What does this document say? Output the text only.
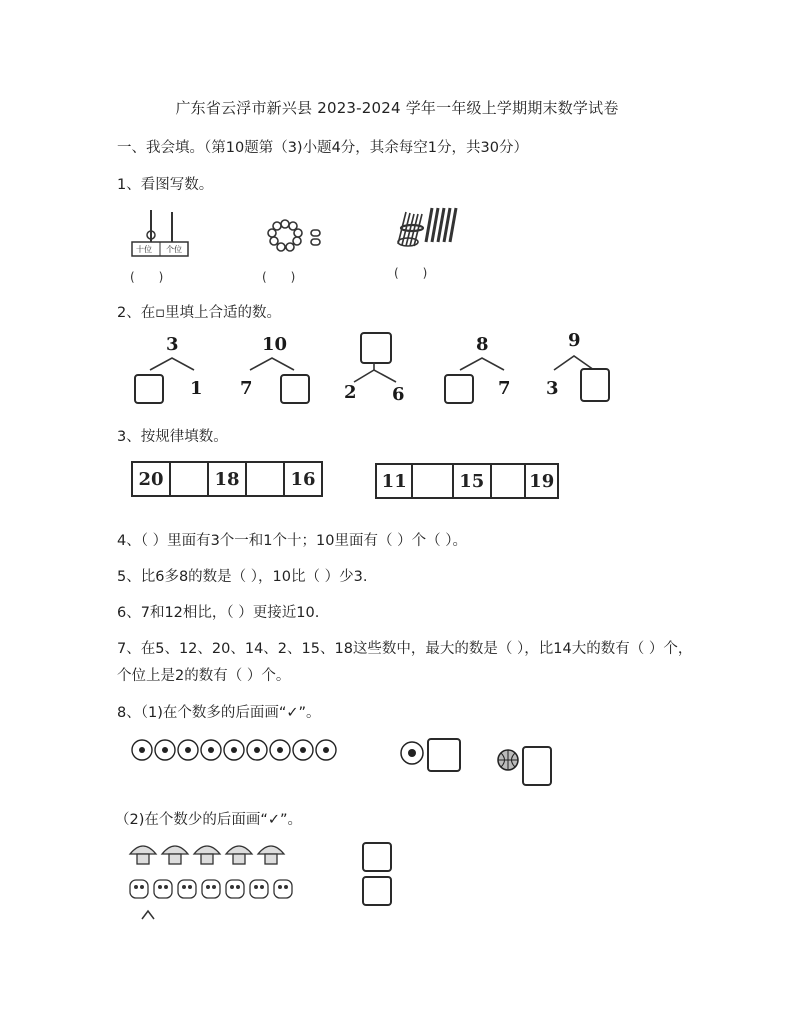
广东省云浮市新兴县 2023-2024 学年一年级上学期期末数学试卷
一、我会填。（第10题第（3)小题4分，其余每空1分，共30分）
1、看图写数。
十位 个位
(　　)	(　　)	(　　)
2、在▫里填上合适的数。
3
1
10
7	2 6
8
7
9
3
3、按规律填数。
20	18	16	11	15	19
4、（ ）里面有3个一和1个十；10里面有（ ）个（ ）。
5、比6多8的数是（ ），10比（ ）少3.
6、7和12相比，（ ）更接近10.
7、在5、12、20、14、2、15、18这些数中，最大的数是（ ），比14大的数有（ ）个，
个位上是2的数有（ ）个。
8、（1)在个数多的后面画“✓”。
（2)在个数少的后面画“✓”。
